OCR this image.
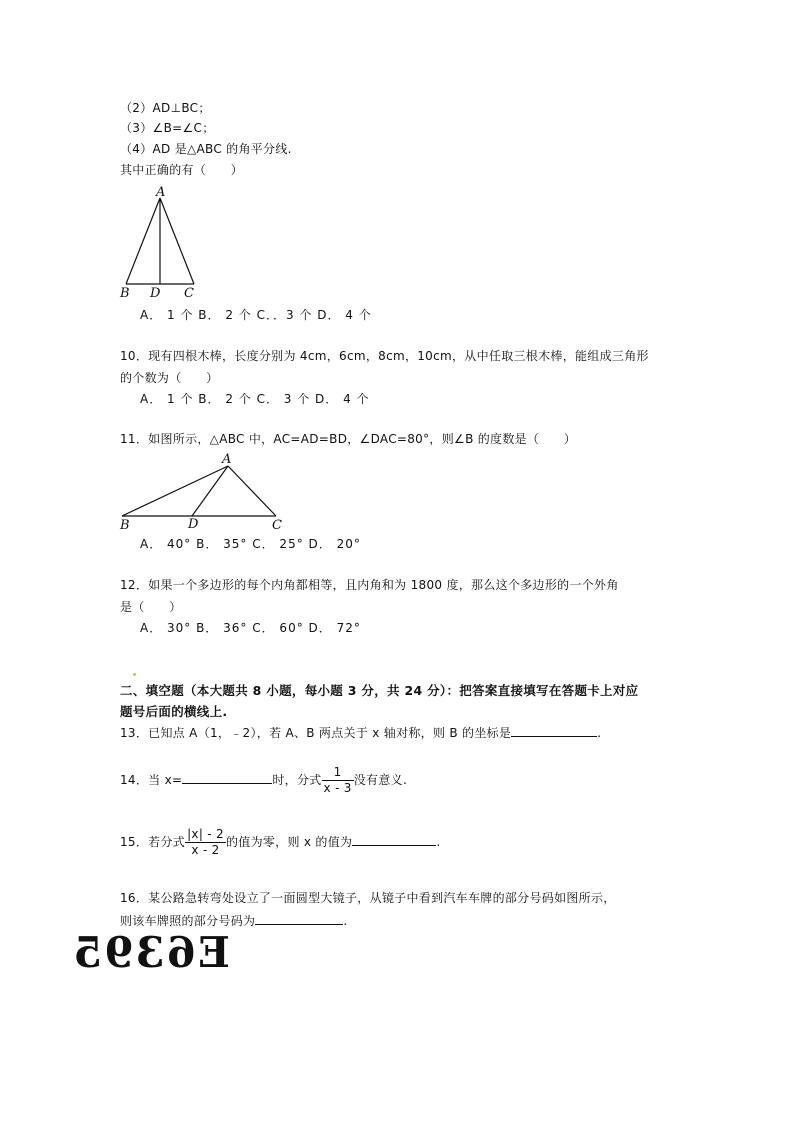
（2）AD⊥BC；
（3）∠B=∠C；
（4）AD 是△ABC 的角平分线.
其中正确的有（　　）
A
B D C
A． 1 个 B． 2 个 C．．3 个 D． 4 个
10．现有四根木棒，长度分别为 4cm，6cm，8cm，10cm，从中任取三根木棒，能组成三角形
的个数为（　　）
A． 1 个 B． 2 个 C． 3 个 D． 4 个
11．如图所示，△ABC 中，AC=AD=BD，∠DAC=80°，则∠B 的度数是（　　）
A
B	D	C
A． 40° B． 35° C． 25° D． 20°
12．如果一个多边形的每个内角都相等，且内角和为 1800 度，那么这个多边形的一个外角
是（　　）
A． 30° B． 36° C． 60° D． 72°
二、填空题（本大题共 8 小题，每小题 3 分，共 24 分）：把答案直接填写在答题卡上对应
题号后面的横线上.
13．已知点 A（1，﹣2），若 A、B 两点关于 x 轴对称，则 B 的坐标是	.
14．当 x=	时，分式 $\frac{1}{x - 3}$ 没有意义.
15．若分式 $\frac{|x| - 2}{x - 2}$ 的值为零，则 x 的值为	.
16．某公路急转弯处设立了一面圆型大镜子，从镜子中看到汽车车牌的部分号码如图所示，
则该车牌照的部分号码为	.
E6395
